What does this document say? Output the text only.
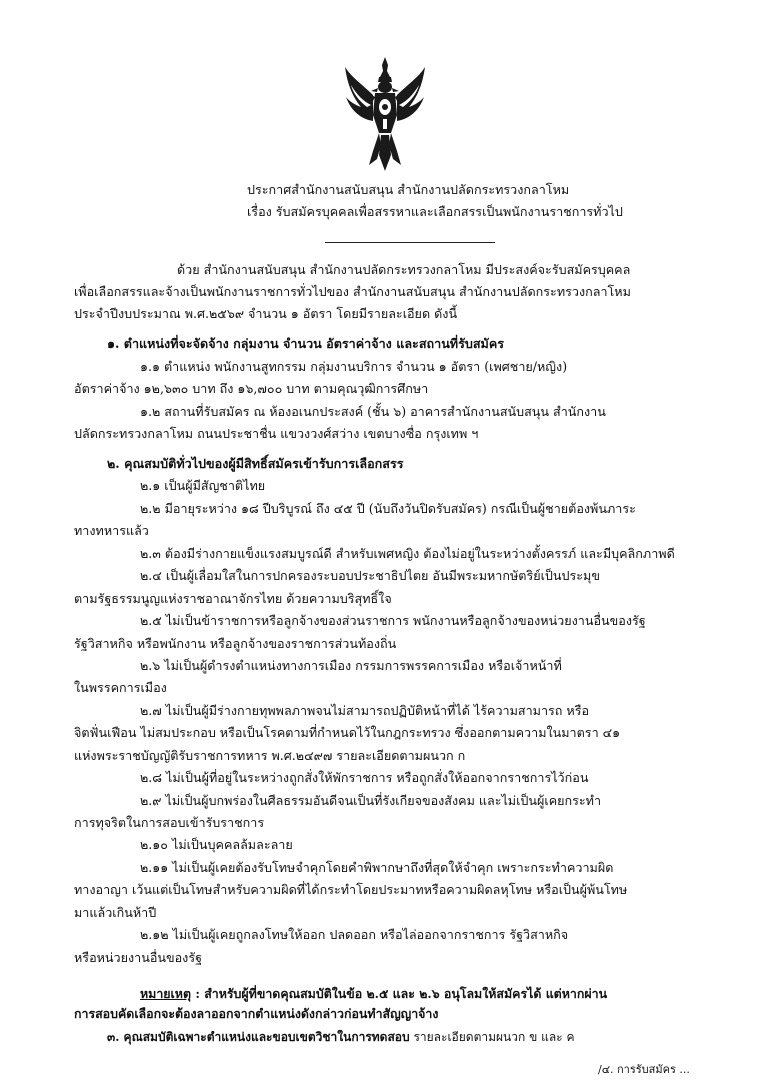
ประกาศสำนักงานสนับสนุน สำนักงานปลัดกระทรวงกลาโหม
เรื่อง รับสมัครบุคคลเพื่อสรรหาและเลือกสรรเป็นพนักงานราชการทั่วไป
ด้วย สำนักงานสนับสนุน สำนักงานปลัดกระทรวงกลาโหม มีประสงค์จะรับสมัครบุคคล
เพื่อเลือกสรรและจ้างเป็นพนักงานราชการทั่วไปของ สำนักงานสนับสนุน สำนักงานปลัดกระทรวงกลาโหม
ประจำปีงบประมาณ พ.ศ.๒๕๖๙ จำนวน ๑ อัตรา โดยมีรายละเอียด ดังนี้
๑. ตำแหน่งที่จะจัดจ้าง กลุ่มงาน จำนวน อัตราค่าจ้าง และสถานที่รับสมัคร
๑.๑ ตำแหน่ง พนักงานสูทกรรม กลุ่มงานบริการ จำนวน ๑ อัตรา (เพศชาย/หญิง)
อัตราค่าจ้าง ๑๒,๖๓๐ บาท ถึง ๑๖,๗๐๐ บาท ตามคุณวุฒิการศึกษา
๑.๒ สถานที่รับสมัคร ณ ห้องอเนกประสงค์ (ชั้น ๖) อาคารสำนักงานสนับสนุน สำนักงาน
ปลัดกระทรวงกลาโหม ถนนประชาชื่น แขวงวงศ์สว่าง เขตบางซื่อ กรุงเทพ ฯ
๒. คุณสมบัติทั่วไปของผู้มีสิทธิ์สมัครเข้ารับการเลือกสรร
๒.๑ เป็นผู้มีสัญชาติไทย
๒.๒ มีอายุระหว่าง ๑๘ ปีบริบูรณ์ ถึง ๔๕ ปี (นับถึงวันปิดรับสมัคร) กรณีเป็นผู้ชายต้องพ้นภาระ
ทางทหารแล้ว
๒.๓ ต้องมีร่างกายแข็งแรงสมบูรณ์ดี สำหรับเพศหญิง ต้องไม่อยู่ในระหว่างตั้งครรภ์ และมีบุคลิกภาพดี
๒.๔ เป็นผู้เลื่อมใสในการปกครองระบอบประชาธิปไตย อันมีพระมหากษัตริย์เป็นประมุข
ตามรัฐธรรมนูญแห่งราชอาณาจักรไทย ด้วยความบริสุทธิ์ใจ
๒.๕ ไม่เป็นข้าราชการหรือลูกจ้างของส่วนราชการ พนักงานหรือลูกจ้างของหน่วยงานอื่นของรัฐ
รัฐวิสาหกิจ หรือพนักงาน หรือลูกจ้างของราชการส่วนท้องถิ่น
๒.๖ ไม่เป็นผู้ดำรงตำแหน่งทางการเมือง กรรมการพรรคการเมือง หรือเจ้าหน้าที่
ในพรรคการเมือง
๒.๗ ไม่เป็นผู้มีร่างกายทุพพลภาพจนไม่สามารถปฏิบัติหน้าที่ได้ ไร้ความสามารถ หรือ
จิตฟั่นเฟือน ไม่สมประกอบ หรือเป็นโรคตามที่กำหนดไว้ในกฎกระทรวง ซึ่งออกตามความในมาตรา ๔๑
แห่งพระราชบัญญัติรับราชการทหาร พ.ศ.๒๔๙๗ รายละเอียดตามผนวก ก
๒.๘ ไม่เป็นผู้ที่อยู่ในระหว่างถูกสั่งให้พักราชการ หรือถูกสั่งให้ออกจากราชการไว้ก่อน
๒.๙ ไม่เป็นผู้บกพร่องในศีลธรรมอันดีจนเป็นที่รังเกียจของสังคม และไม่เป็นผู้เคยกระทำ
การทุจริตในการสอบเข้ารับราชการ
๒.๑๐ ไม่เป็นบุคคลล้มละลาย
๒.๑๑ ไม่เป็นผู้เคยต้องรับโทษจำคุกโดยคำพิพากษาถึงที่สุดให้จำคุก เพราะกระทำความผิด
ทางอาญา เว้นแต่เป็นโทษสำหรับความผิดที่ได้กระทำโดยประมาทหรือความผิดลหุโทษ หรือเป็นผู้พ้นโทษ
มาแล้วเกินห้าปี
๒.๑๒ ไม่เป็นผู้เคยถูกลงโทษให้ออก ปลดออก หรือไล่ออกจากราชการ รัฐวิสาหกิจ
หรือหน่วยงานอื่นของรัฐ
หมายเหตุ : สำหรับผู้ที่ขาดคุณสมบัติในข้อ ๒.๕ และ ๒.๖ อนุโลมให้สมัครได้ แต่หากผ่าน
การสอบคัดเลือกจะต้องลาออกจากตำแหน่งดังกล่าวก่อนทำสัญญาจ้าง
๓. คุณสมบัติเฉพาะตำแหน่งและขอบเขตวิชาในการทดสอบ รายละเอียดตามผนวก ข และ ค
/๔. การรับสมัคร ...
